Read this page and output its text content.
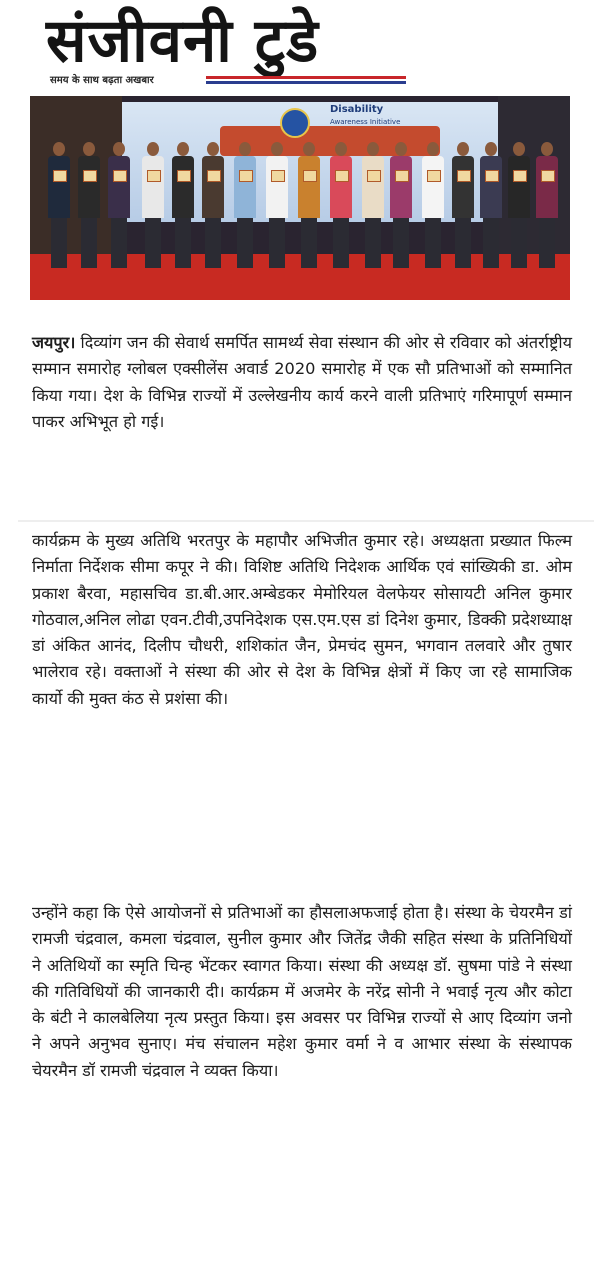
संजीवनी टुडे
समय के साथ बढ़ता अखबार
Disability
Awareness Initiative

जयपुर। दिव्यांग जन की सेवार्थ समर्पित सामर्थ्य सेवा संस्थान की ओर से रविवार को अंतर्राष्ट्रीय सम्मान समारोह ग्लोबल एक्सीलेंस अवार्ड 2020 समारोह में एक सौ प्रतिभाओं को सम्मानित किया गया। देश के विभिन्न राज्यों में उल्लेखनीय कार्य करने वाली प्रतिभाएं गरिमापूर्ण सम्मान पाकर अभिभूत हो गई।

कार्यक्रम के मुख्य अतिथि भरतपुर के महापौर अभिजीत कुमार रहे। अध्यक्षता प्रख्यात फिल्म निर्माता निर्देशक सीमा कपूर ने की। विशिष्ट अतिथि निदेशक आर्थिक एवं सांख्यिकी डा. ओम प्रकाश बैरवा, महासचिव डा.बी.आर.अम्बेडकर मेमोरियल वेलफेयर सोसायटी अनिल कुमार गोठवाल,अनिल लोढा एवन.टीवी,उपनिदेशक एस.एम.एस डां दिनेश कुमार, डिक्की प्रदेशध्याक्ष डां अंकित आनंद, दिलीप चौधरी, शशिकांत जैन, प्रेमचंद सुमन, भगवान तलवारे और तुषार भालेराव रहे। वक्ताओं ने संस्था की ओर से देश के विभिन्न क्षेत्रों में किए जा रहे सामाजिक कार्यो की मुक्त कंठ से प्रशंसा की।

उन्होंने कहा कि ऐसे आयोजनों से प्रतिभाओं का हौसलाअफजाई होता है। संस्था के चेयरमैन डां रामजी चंद्रवाल, कमला चंद्रवाल, सुनील कुमार और जितेंद्र जैकी सहित संस्था के प्रतिनिधियों ने अतिथियों का स्मृति चिन्ह भेंटकर स्वागत किया। संस्था की अध्यक्ष डॉ. सुषमा पांडे ने संस्था की गतिविधियों की जानकारी दी। कार्यक्रम में अजमेर के नरेंद्र सोनी ने भवाई नृत्य और कोटा के बंटी ने कालबेलिया नृत्य प्रस्तुत किया। इस अवसर पर विभिन्न राज्यों से आए दिव्यांग जनो ने अपने अनुभव सुनाए। मंच संचालन महेश कुमार वर्मा ने व आभार संस्था के संस्थापक चेयरमैन डॉ रामजी चंद्रवाल ने व्यक्त किया।
